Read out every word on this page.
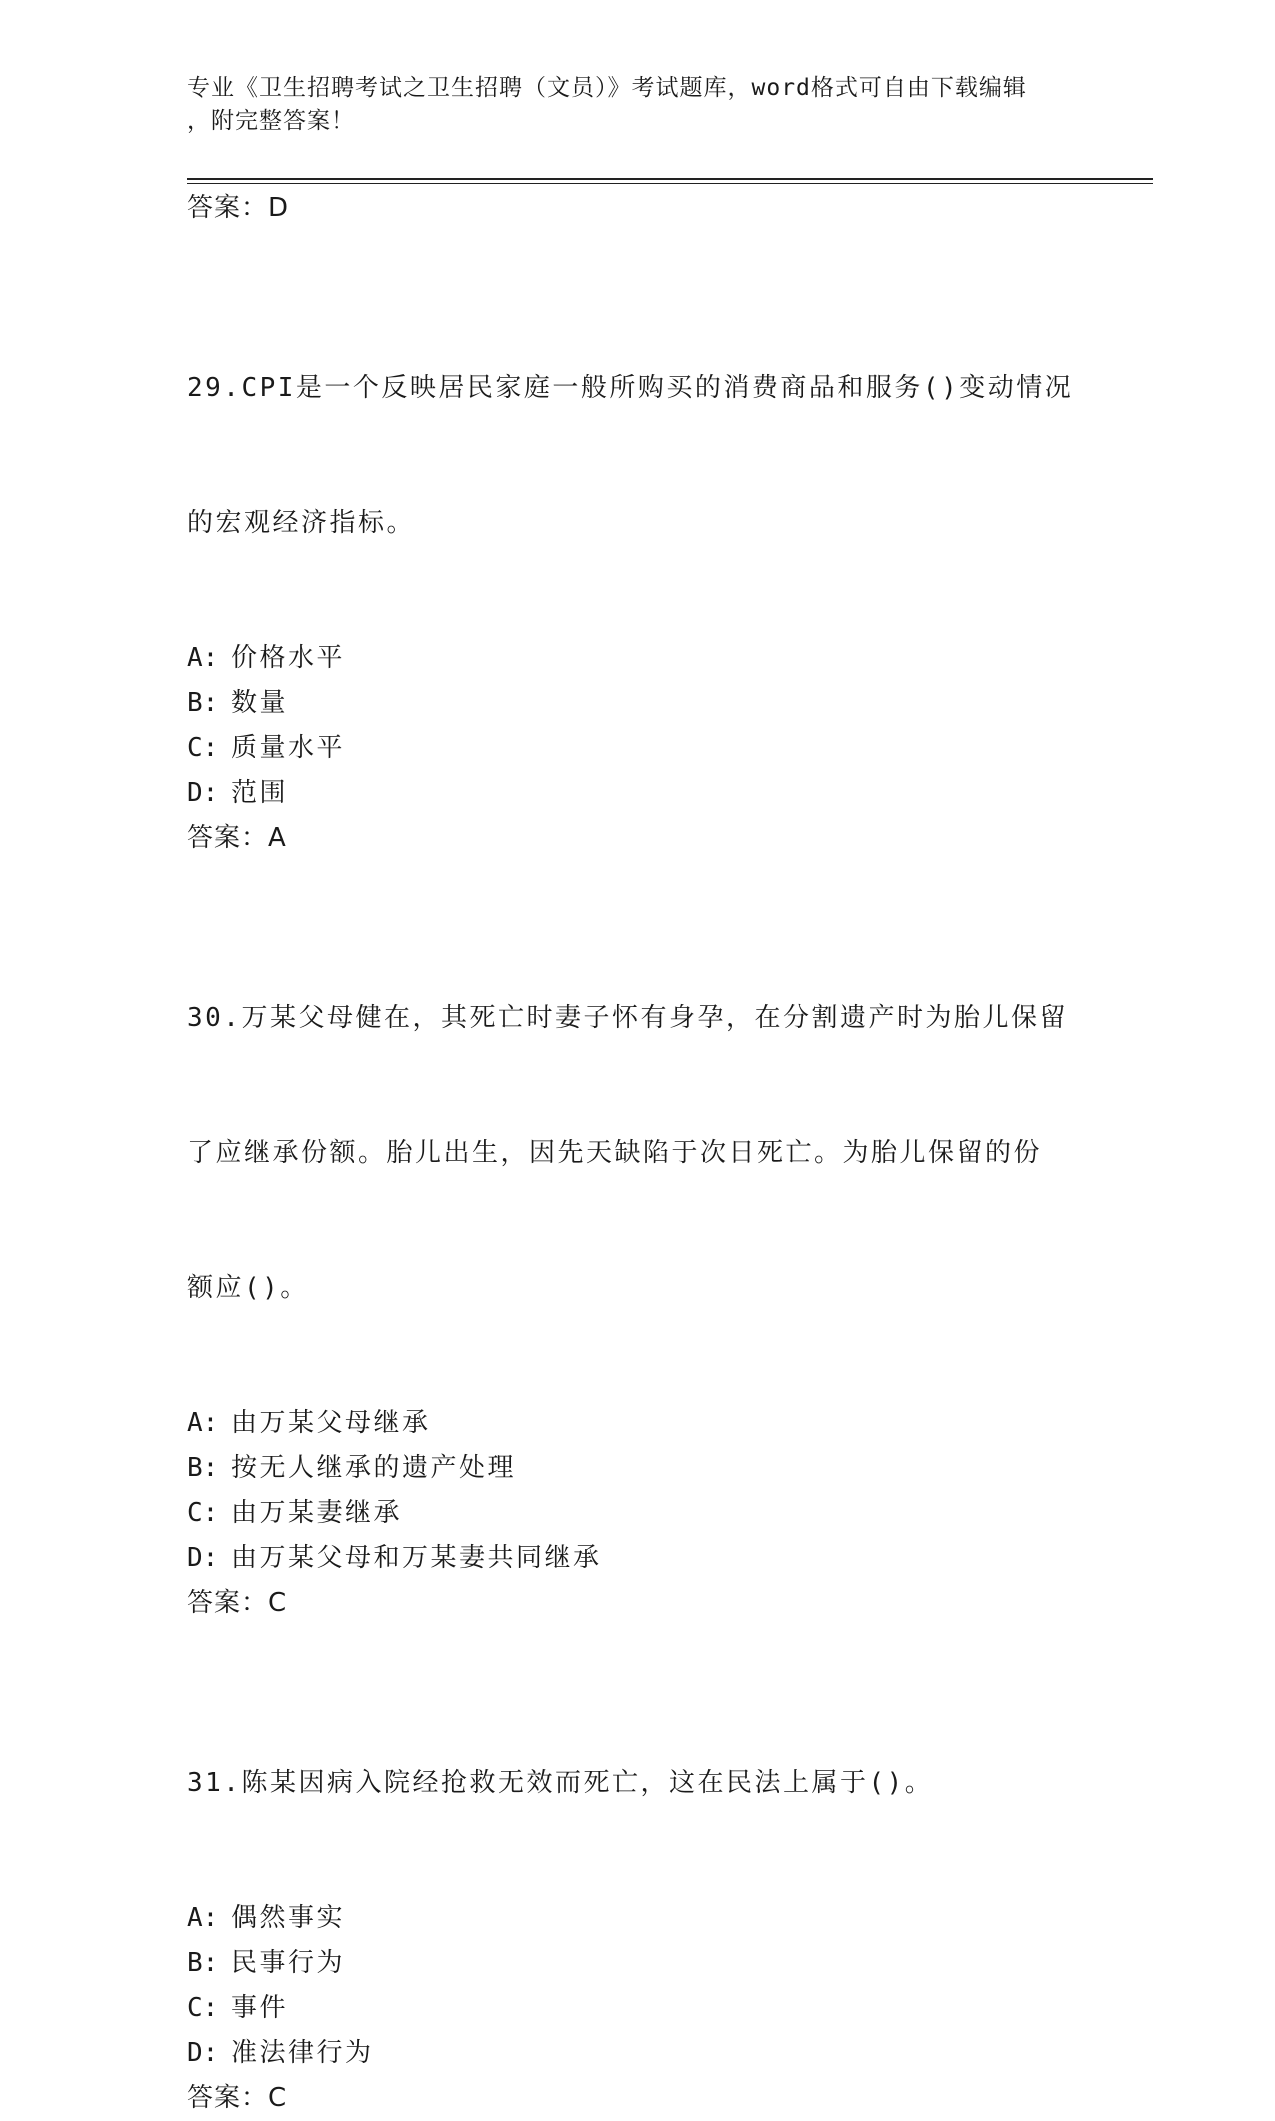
专业《卫生招聘考试之卫生招聘（文员）》考试题库，word格式可自由下载编辑
，附完整答案！
答案：D

29.CPI是一个反映居民家庭一般所购买的消费商品和服务()变动情况

的宏观经济指标。

A: 价格水平
B: 数量
C: 质量水平
D: 范围
答案：A

30.万某父母健在，其死亡时妻子怀有身孕，在分割遗产时为胎儿保留

了应继承份额。胎儿出生，因先天缺陷于次日死亡。为胎儿保留的份

额应()。

A: 由万某父母继承
B: 按无人继承的遗产处理
C: 由万某妻继承
D: 由万某父母和万某妻共同继承
答案：C

31.陈某因病入院经抢救无效而死亡，这在民法上属于()。

A: 偶然事实
B: 民事行为
C: 事件
D: 准法律行为
答案：C
